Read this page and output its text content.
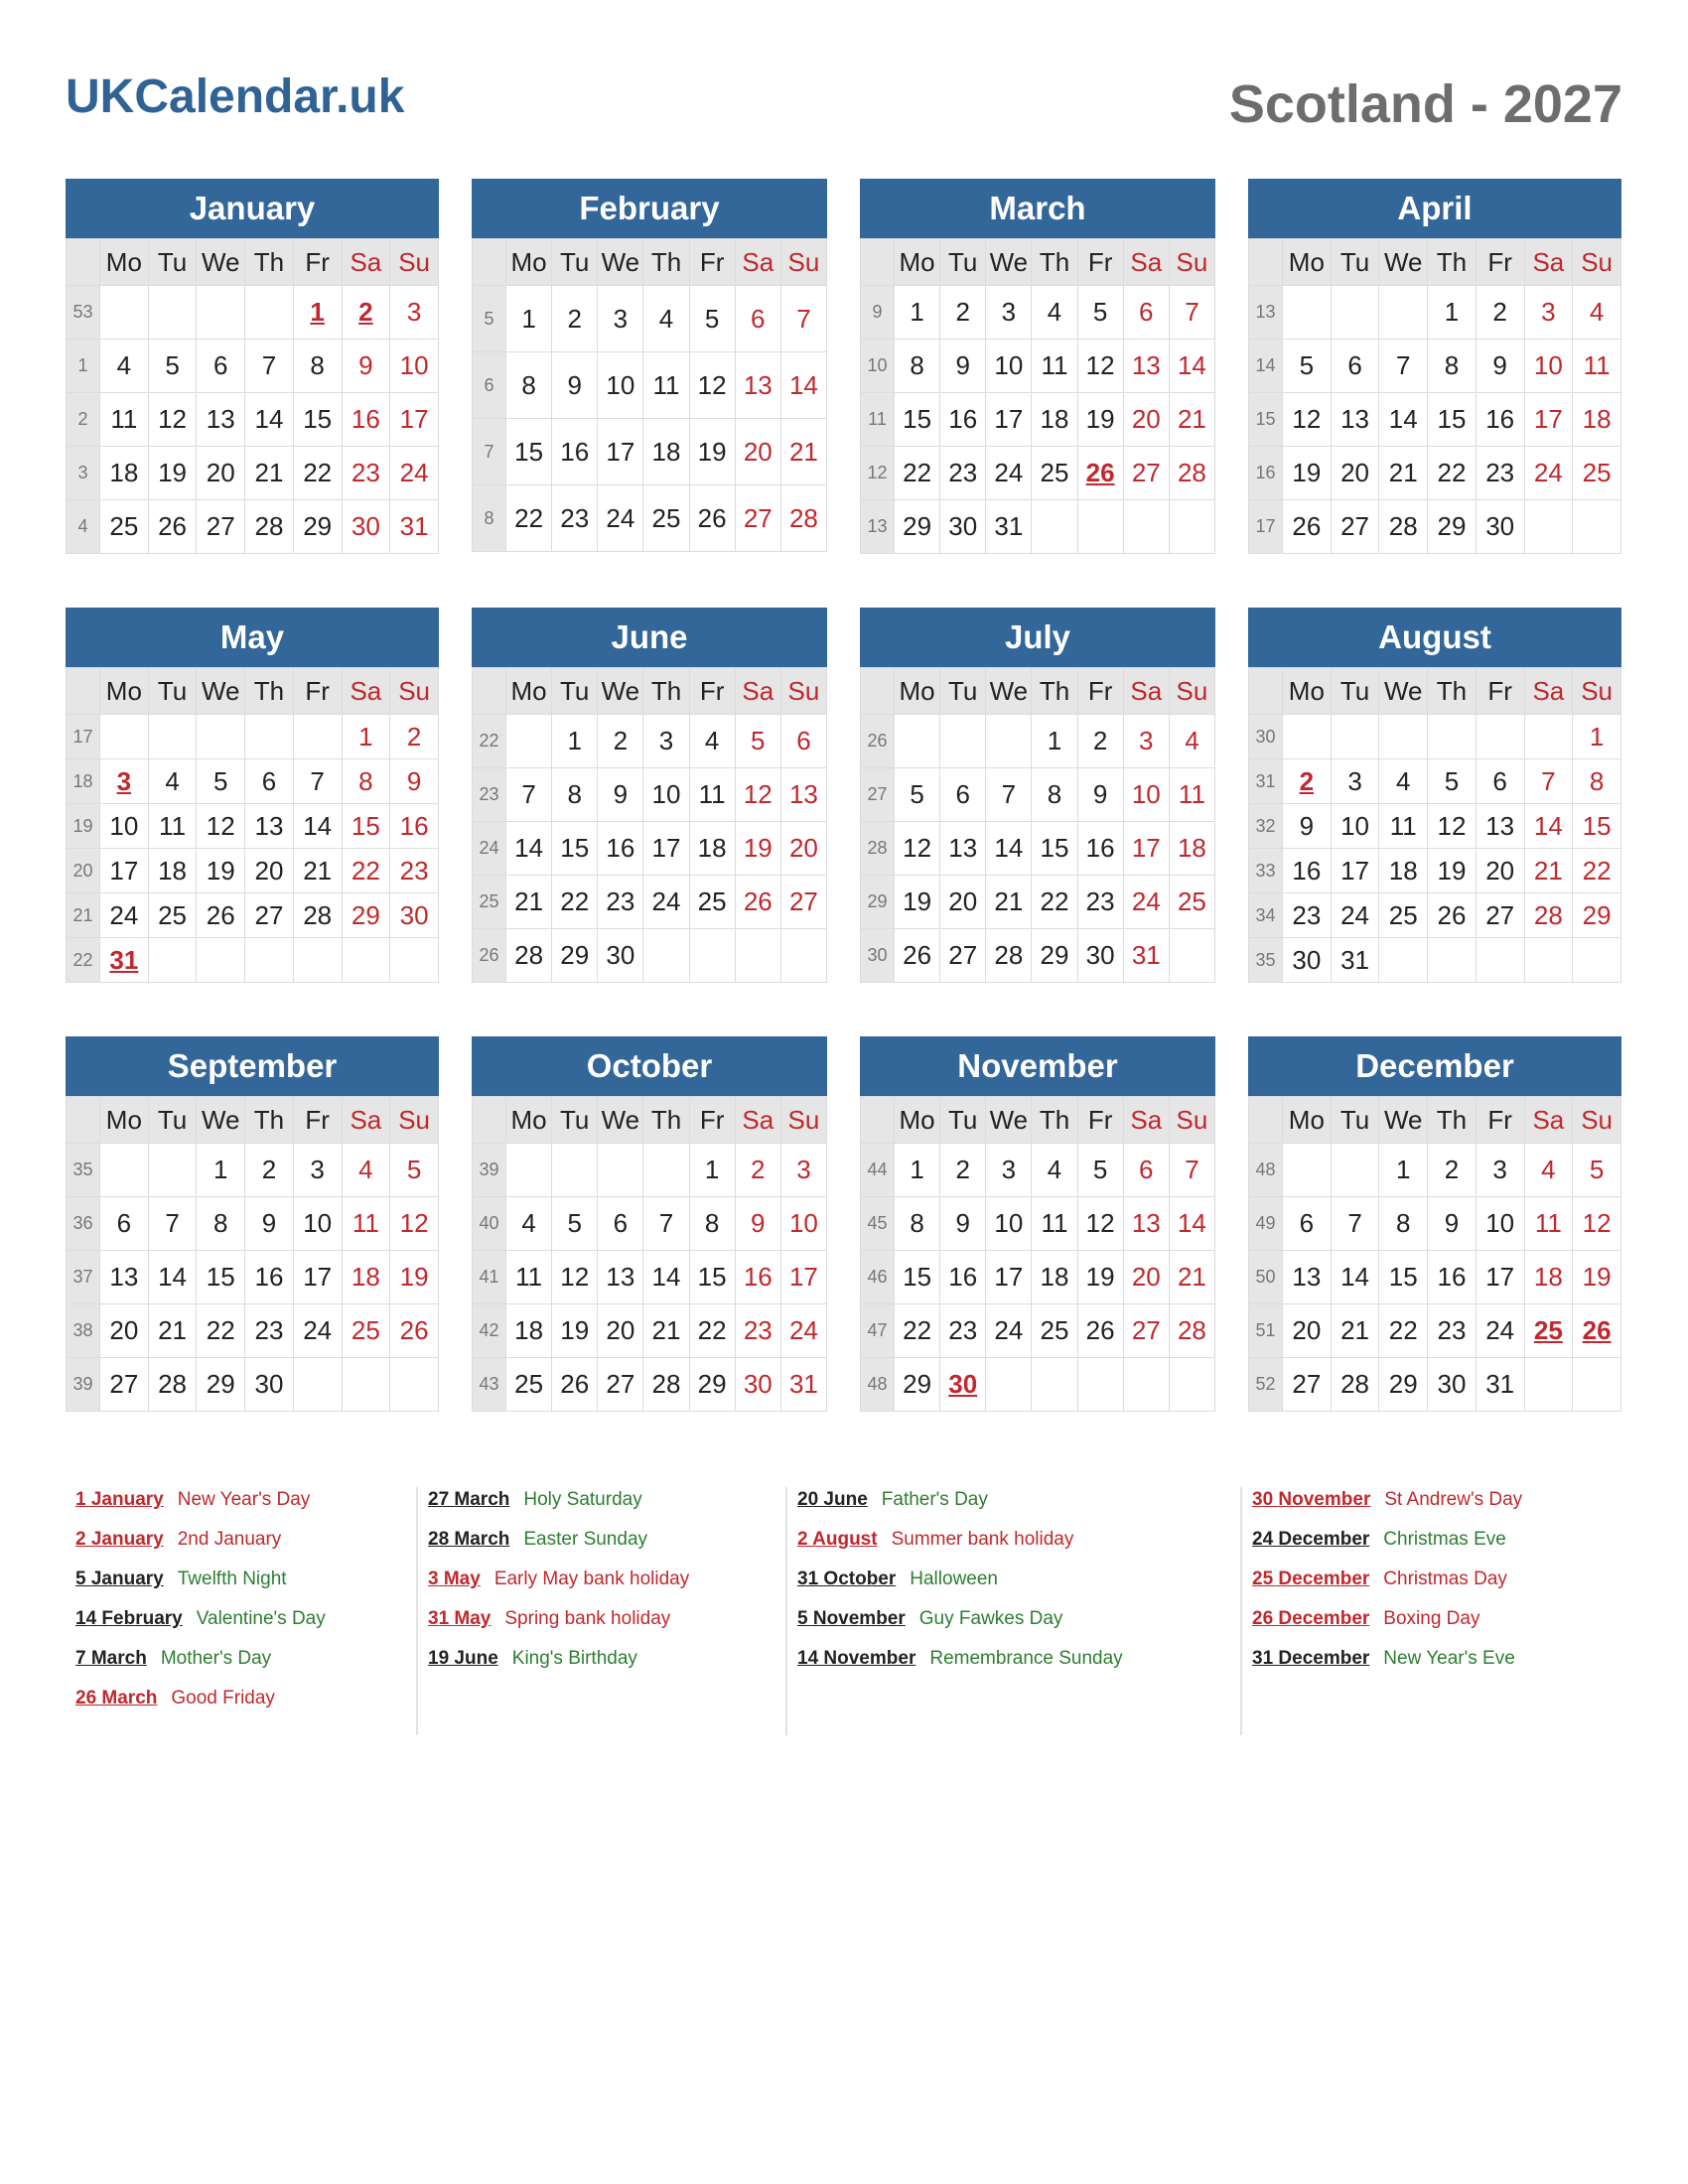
UKCalendar.uk	Scotland - 2027
January
	Mo	Tu	We	Th	Fr	Sa	Su
53					1	2	3
1	4	5	6	7	8	9	10
2	11	12	13	14	15	16	17
3	18	19	20	21	22	23	24
4	25	26	27	28	29	30	31
February
	Mo	Tu	We	Th	Fr	Sa	Su
5	1	2	3	4	5	6	7
6	8	9	10	11	12	13	14
7	15	16	17	18	19	20	21
8	22	23	24	25	26	27	28
March
	Mo	Tu	We	Th	Fr	Sa	Su
9	1	2	3	4	5	6	7
10	8	9	10	11	12	13	14
11	15	16	17	18	19	20	21
12	22	23	24	25	26	27	28
13	29	30	31				
April
	Mo	Tu	We	Th	Fr	Sa	Su
13				1	2	3	4
14	5	6	7	8	9	10	11
15	12	13	14	15	16	17	18
16	19	20	21	22	23	24	25
17	26	27	28	29	30		
May
	Mo	Tu	We	Th	Fr	Sa	Su
17						1	2
18	3	4	5	6	7	8	9
19	10	11	12	13	14	15	16
20	17	18	19	20	21	22	23
21	24	25	26	27	28	29	30
22	31						
June
	Mo	Tu	We	Th	Fr	Sa	Su
22		1	2	3	4	5	6
23	7	8	9	10	11	12	13
24	14	15	16	17	18	19	20
25	21	22	23	24	25	26	27
26	28	29	30				
July
	Mo	Tu	We	Th	Fr	Sa	Su
26				1	2	3	4
27	5	6	7	8	9	10	11
28	12	13	14	15	16	17	18
29	19	20	21	22	23	24	25
30	26	27	28	29	30	31	
August
	Mo	Tu	We	Th	Fr	Sa	Su
30							1
31	2	3	4	5	6	7	8
32	9	10	11	12	13	14	15
33	16	17	18	19	20	21	22
34	23	24	25	26	27	28	29
35	30	31					
September
	Mo	Tu	We	Th	Fr	Sa	Su
35			1	2	3	4	5
36	6	7	8	9	10	11	12
37	13	14	15	16	17	18	19
38	20	21	22	23	24	25	26
39	27	28	29	30			
October
	Mo	Tu	We	Th	Fr	Sa	Su
39					1	2	3
40	4	5	6	7	8	9	10
41	11	12	13	14	15	16	17
42	18	19	20	21	22	23	24
43	25	26	27	28	29	30	31
November
	Mo	Tu	We	Th	Fr	Sa	Su
44	1	2	3	4	5	6	7
45	8	9	10	11	12	13	14
46	15	16	17	18	19	20	21
47	22	23	24	25	26	27	28
48	29	30					
December
	Mo	Tu	We	Th	Fr	Sa	Su
48			1	2	3	4	5
49	6	7	8	9	10	11	12
50	13	14	15	16	17	18	19
51	20	21	22	23	24	25	26
52	27	28	29	30	31		
1 January New Year's Day
2 January 2nd January
5 January Twelfth Night
14 February Valentine's Day
7 March Mother's Day
26 March Good Friday
27 March Holy Saturday
28 March Easter Sunday
3 May Early May bank holiday
31 May Spring bank holiday
19 June King's Birthday
20 June Father's Day
2 August Summer bank holiday
31 October Halloween
5 November Guy Fawkes Day
14 November Remembrance Sunday
30 November St Andrew's Day
24 December Christmas Eve
25 December Christmas Day
26 December Boxing Day
31 December New Year's Eve
